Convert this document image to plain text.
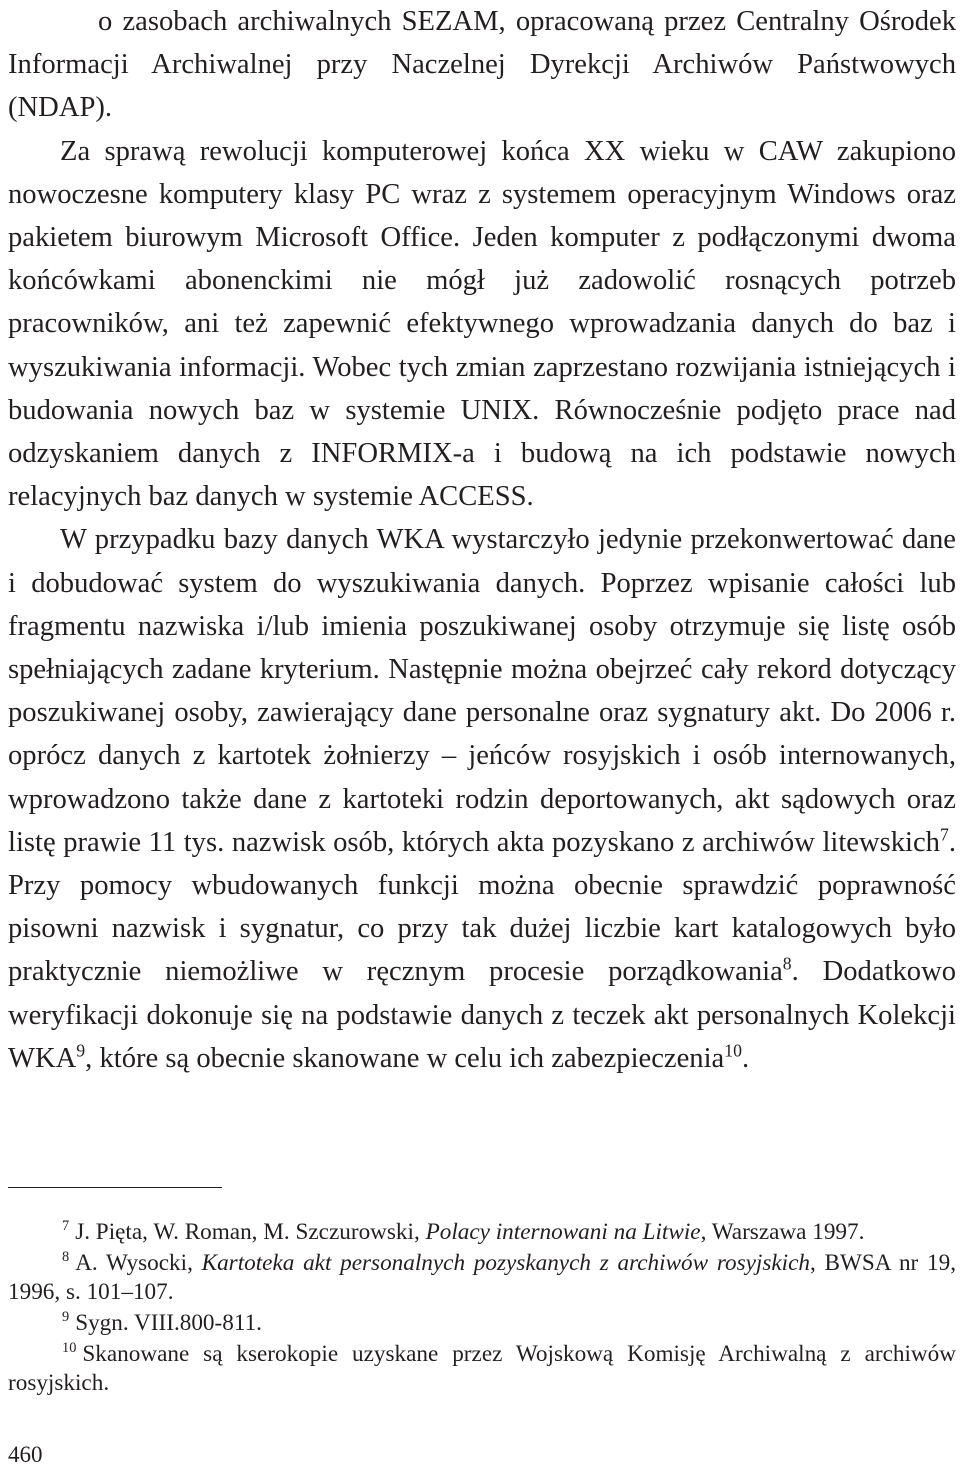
o zasobach archiwalnych SEZAM, opracowaną przez Centralny Ośrodek Informacji Archiwalnej przy Naczelnej Dyrekcji Archiwów Państwowych (NDAP).

Za sprawą rewolucji komputerowej końca XX wieku w CAW zakupiono nowoczesne komputery klasy PC wraz z systemem operacyjnym Windows oraz pakietem biurowym Microsoft Office. Jeden komputer z podłączonymi dwoma końcówkami abonenckimi nie mógł już zadowolić rosnących potrzeb pracowników, ani też zapewnić efektywnego wprowadzania danych do baz i wyszukiwania informacji. Wobec tych zmian zaprzestano rozwijania istniejących i budowania nowych baz w systemie UNIX. Równocześnie podjęto prace nad odzyskaniem danych z INFORMIX-a i budową na ich podstawie nowych relacyjnych baz danych w systemie ACCESS.

W przypadku bazy danych WKA wystarczyło jedynie przekonwertować dane i dobudować system do wyszukiwania danych. Poprzez wpisanie całości lub fragmentu nazwiska i/lub imienia poszukiwanej osoby otrzymuje się listę osób spełniających zadane kryterium. Następnie można obejrzeć cały rekord dotyczący poszukiwanej osoby, zawierający dane personalne oraz sygnatury akt. Do 2006 r. oprócz danych z kartotek żołnierzy – jeńców rosyjskich i osób internowanych, wprowadzono także dane z kartoteki rodzin deportowanych, akt sądowych oraz listę prawie 11 tys. nazwisk osób, których akta pozyskano z archiwów litewskich$^7$. Przy pomocy wbudowanych funkcji można obecnie sprawdzić poprawność pisowni nazwisk i sygnatur, co przy tak dużej liczbie kart katalogowych było praktycznie niemożliwe w ręcznym procesie porządkowania$^8$. Dodatkowo weryfikacji dokonuje się na podstawie danych z teczek akt personalnych Kolekcji WKA$^9$, które są obecnie skanowane w celu ich zabezpieczenia$^{10}$.

$^7$ J. Pięta, W. Roman, M. Szczurowski, Polacy internowani na Litwie, Warszawa 1997.

$^8$ A. Wysocki, Kartoteka akt personalnych pozyskanych z archiwów rosyjskich, BWSA nr 19, 1996, s. 101–107.

$^9$ Sygn. VIII.800-811.

$^{10}$ Skanowane są kserokopie uzyskane przez Wojskową Komisję Archiwalną z archiwów rosyjskich.

460
